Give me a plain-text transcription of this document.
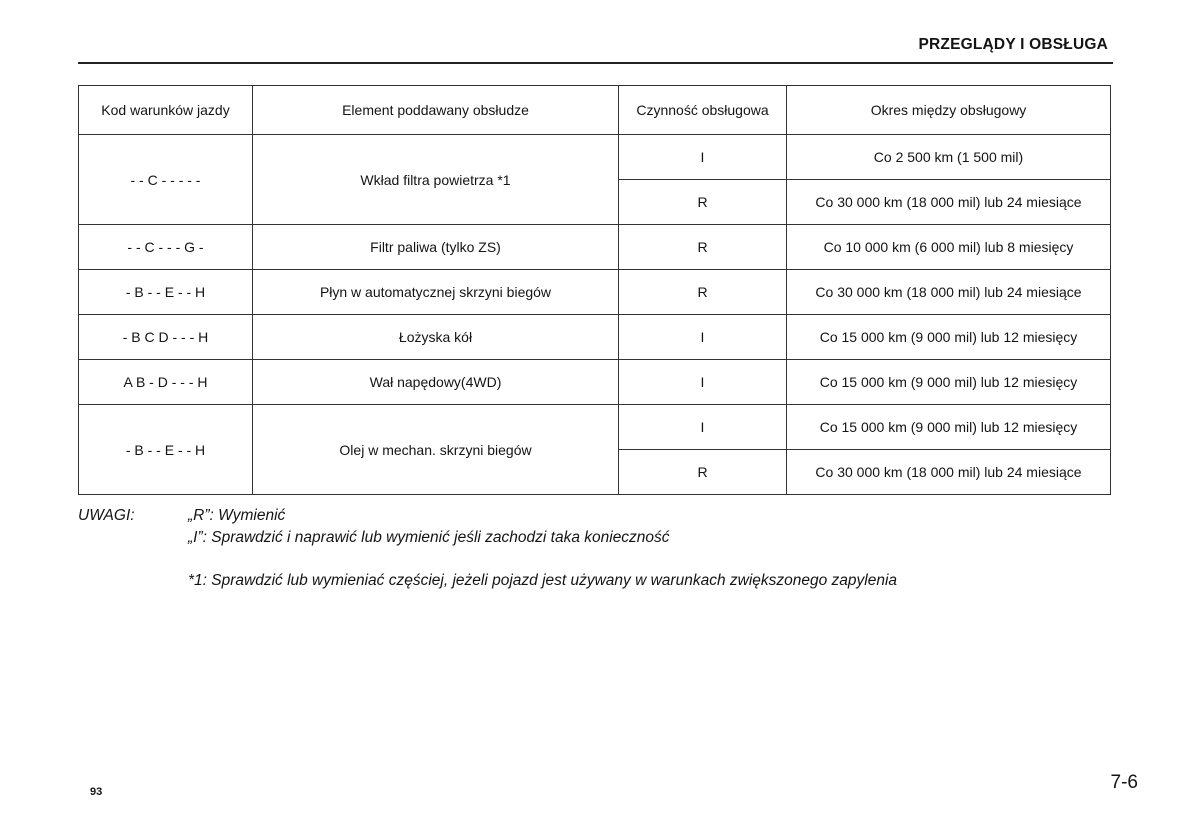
PRZEGLĄDY I OBSŁUGA
Kod warunków jazdy	Element poddawany obsłudze	Czynność obsługowa	Okres między obsługowy
- - C - - - - -	Wkład filtra powietrza *1	I	Co 2 500 km (1 500 mil)
		R	Co 30 000 km (18 000 mil) lub 24 miesiące
- - C - - - G -	Filtr paliwa (tylko ZS)	R	Co 10 000 km (6 000 mil) lub 8 miesięcy
- B - - E - - H	Płyn w automatycznej skrzyni biegów	R	Co 30 000 km (18 000 mil) lub 24 miesiące
- B C D - - - H	Łożyska kół	I	Co 15 000 km (9 000 mil) lub 12 miesięcy
A B - D - - - H	Wał napędowy(4WD)	I	Co 15 000 km (9 000 mil) lub 12 miesięcy
- B - - E - - H	Olej w mechan. skrzyni biegów	I	Co 15 000 km (9 000 mil) lub 12 miesięcy
		R	Co 30 000 km (18 000 mil) lub 24 miesiące
UWAGI:	„R”: Wymienić
„I”: Sprawdzić i naprawić lub wymienić jeśli zachodzi taka konieczność
*1: Sprawdzić lub wymieniać częściej, jeżeli pojazd jest używany w warunkach zwiększonego zapylenia
93	7-6
